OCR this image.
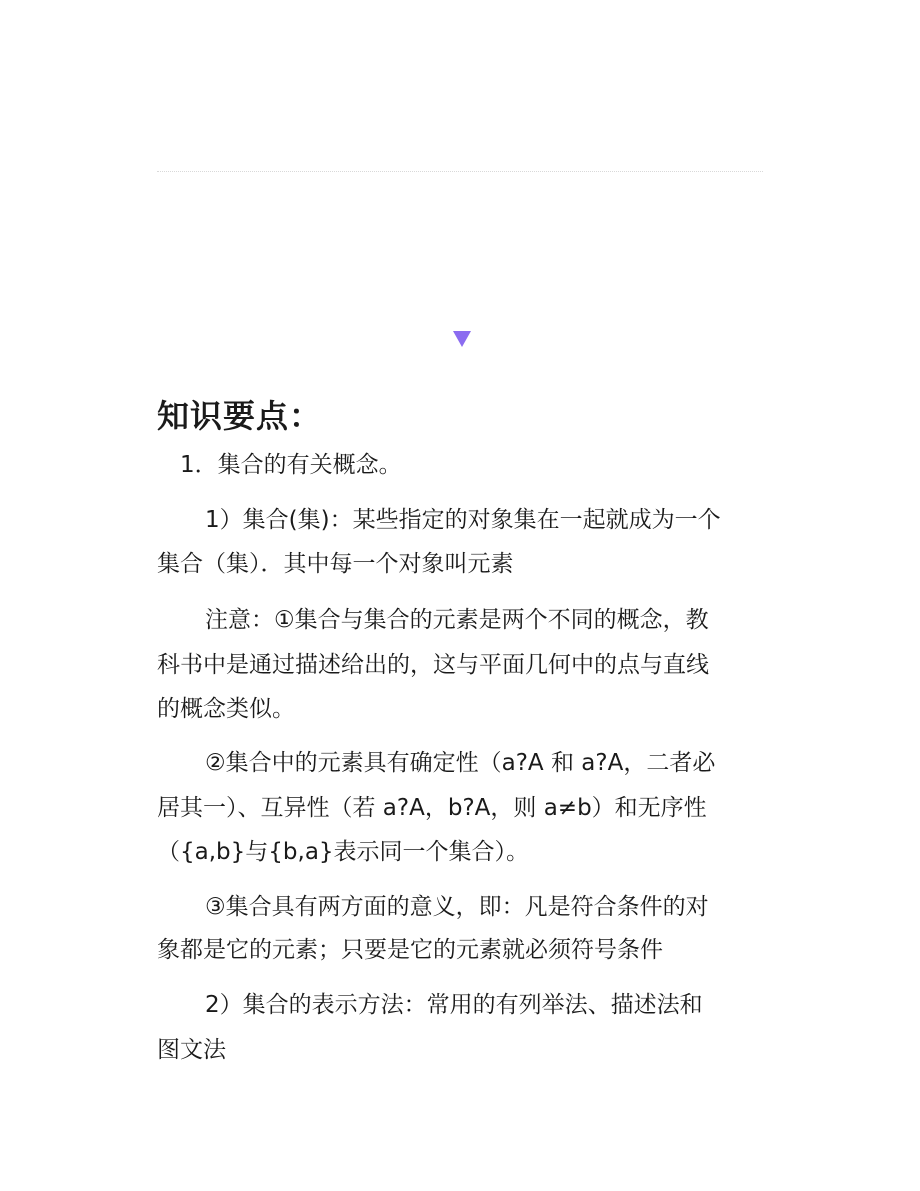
知识要点：

1．集合的有关概念。

1）集合(集)：某些指定的对象集在一起就成为一个

集合（集）．其中每一个对象叫元素

注意：①集合与集合的元素是两个不同的概念，教

科书中是通过描述给出的，这与平面几何中的点与直线

的概念类似。

②集合中的元素具有确定性（a?A 和 a?A，二者必

居其一）、互异性（若 a?A，b?A，则 a≠b）和无序性

（{a,b}与{b,a}表示同一个集合）。

③集合具有两方面的意义，即：凡是符合条件的对

象都是它的元素；只要是它的元素就必须符号条件

2）集合的表示方法：常用的有列举法、描述法和

图文法
